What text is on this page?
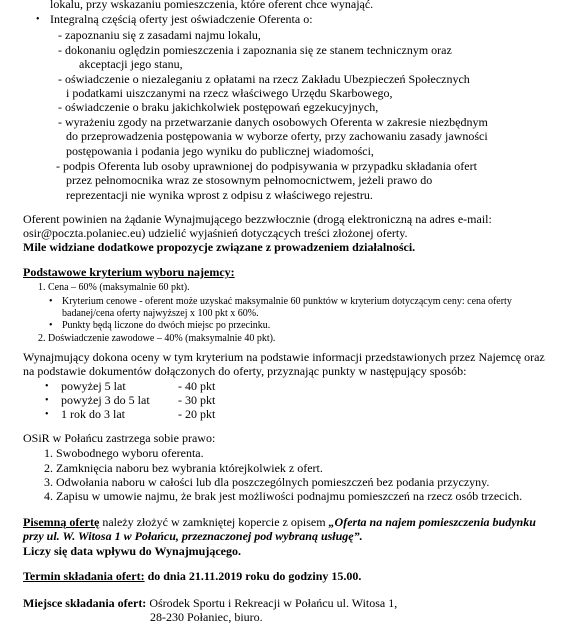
lokalu, przy wskazaniu pomieszczenia, które oferent chce wynająć.
• Integralną częścią oferty jest oświadczenie Oferenta o:
- zapoznaniu się z zasadami najmu lokalu,
- dokonaniu oględzin pomieszczenia i zapoznania się ze stanem technicznym oraz
akceptacji jego stanu,
- oświadczenie o niezaleganiu z opłatami na rzecz Zakładu Ubezpieczeń Społecznych
i podatkami uiszczanymi na rzecz właściwego Urzędu Skarbowego,
- oświadczenie o braku jakichkolwiek postępowań egzekucyjnych,
- wyrażeniu zgody na przetwarzanie danych osobowych Oferenta w zakresie niezbędnym
do przeprowadzenia postępowania w wyborze oferty, przy zachowaniu zasady jawności
postępowania i podania jego wyniku do publicznej wiadomości,
- podpis Oferenta lub osoby uprawnionej do podpisywania w przypadku składania ofert
przez pełnomocnika wraz ze stosownym pełnomocnictwem, jeżeli prawo do
reprezentacji nie wynika wprost z odpisu z właściwego rejestru.
Oferent powinien na żądanie Wynajmującego bezzwłocznie (drogą elektroniczną na adres e-mail:
osir@poczta.polaniec.eu) udzielić wyjaśnień dotyczących treści złożonej oferty.
Mile widziane dodatkowe propozycje związane z prowadzeniem działalności.
Podstawowe kryterium wyboru najemcy:
1. Cena – 60% (maksymalnie 60 pkt).
• Kryterium cenowe - oferent może uzyskać maksymalnie 60 punktów w kryterium dotyczącym ceny: cena oferty
badanej/cena oferty najwyższej x 100 pkt x 60%.
• Punkty będą liczone do dwóch miejsc po przecinku.
2. Doświadczenie zawodowe – 40% (maksymalnie 40 pkt).
Wynajmujący dokona oceny w tym kryterium na podstawie informacji przedstawionych przez Najemcę oraz
na podstawie dokumentów dołączonych do oferty, przyznając punkty w następujący sposób:
• powyżej 5 lat	- 40 pkt
• powyżej 3 do 5 lat - 30 pkt
• 1 rok do 3 lat	- 20 pkt
OSiR w Połańcu zastrzega sobie prawo:
1. Swobodnego wyboru oferenta.
2. Zamknięcia naboru bez wybrania którejkolwiek z ofert.
3. Odwołania naboru w całości lub dla poszczególnych pomieszczeń bez podania przyczyny.
4. Zapisu w umowie najmu, że brak jest możliwości podnajmu pomieszczeń na rzecz osób trzecich.
Pisemną ofertę należy złożyć w zamkniętej kopercie z opisem „Oferta na najem pomieszczenia budynku
przy ul. W. Witosa 1 w Połańcu, przeznaczonej pod wybraną usługę”.
Liczy się data wpływu do Wynajmującego.
Termin składania ofert: do dnia 21.11.2019 roku do godziny 15.00.
Miejsce składania ofert: Ośrodek Sportu i Rekreacji w Połańcu ul. Witosa 1,
28-230 Połaniec, biuro.
